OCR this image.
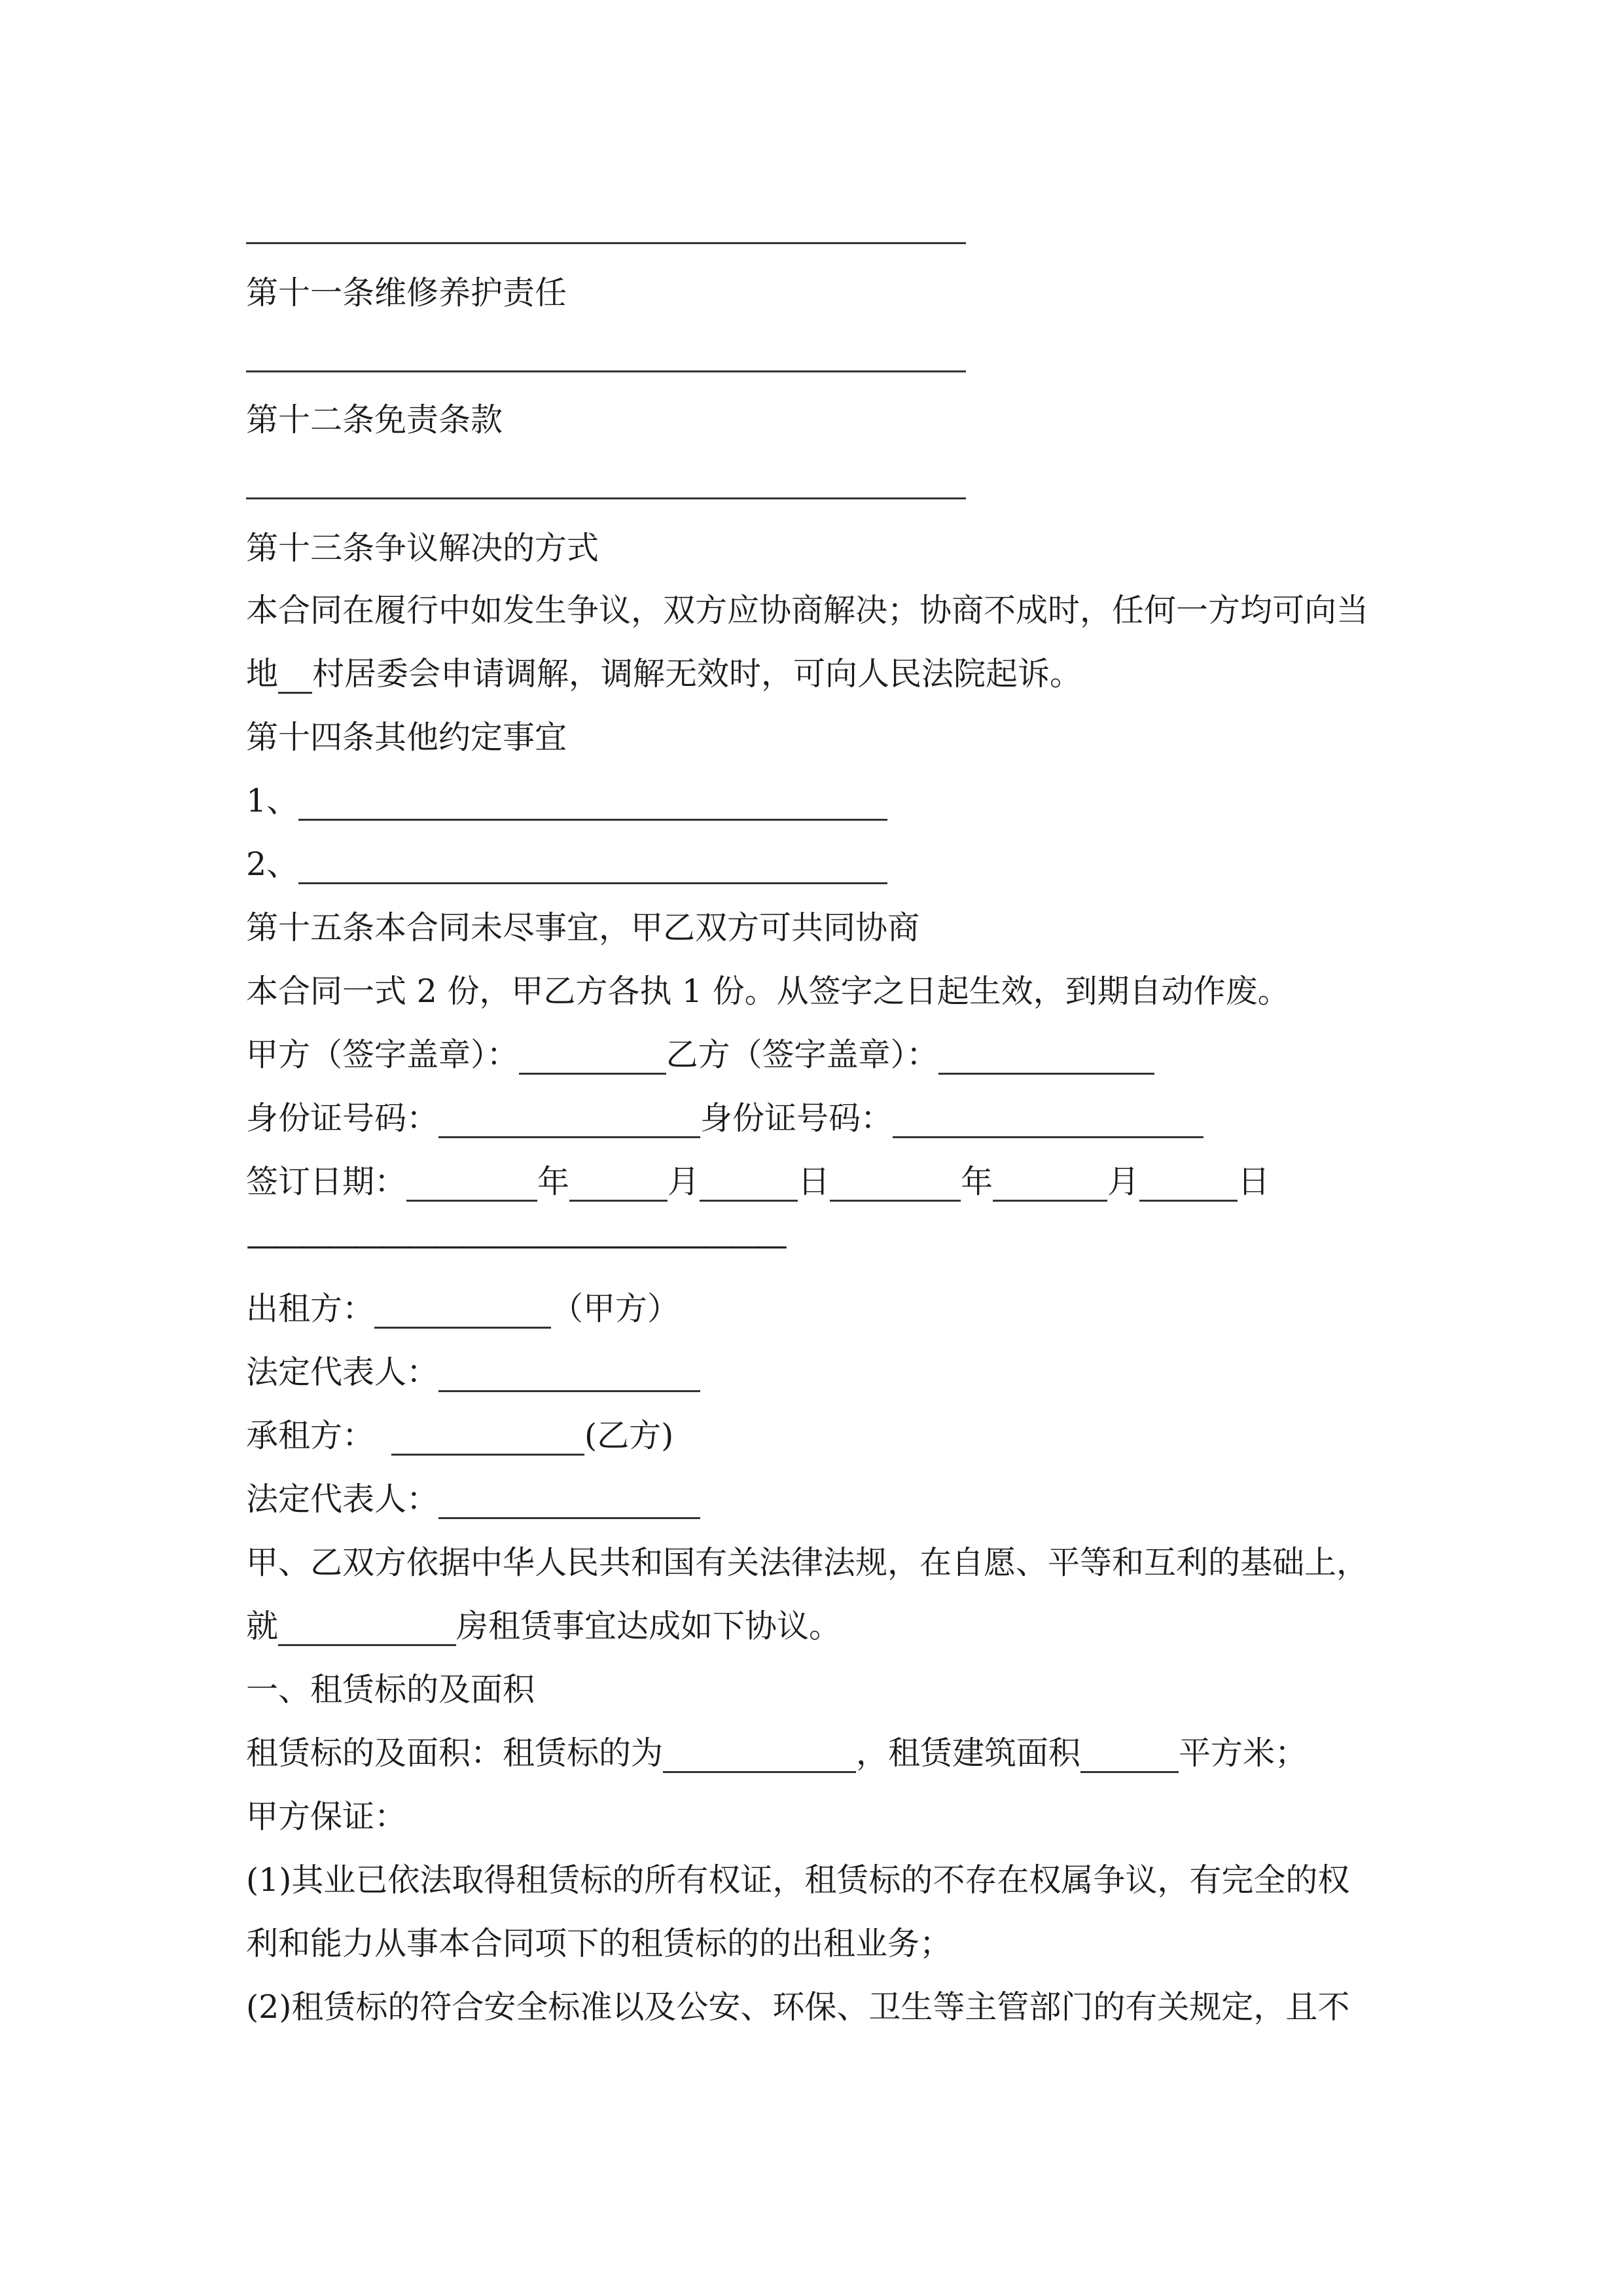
第十一条维修养护责任
第十二条免责条款
第十三条争议解决的方式
本合同在履行中如发生争议，双方应协商解决；协商不成时，任何一方均可向当
地 村居委会申请调解，调解无效时，可向人民法院起诉。
第十四条其他约定事宜
1、
2、
第十五条本合同未尽事宜，甲乙双方可共同协商
本合同一式 2 份，甲乙方各执 1 份。从签字之日起生效，到期自动作废。
甲方（签字盖章）：	乙方（签字盖章）：
身份证号码：	身份证号码：
签订日期：	年	月	日	年	月	日
————————————————————
出租方：	（甲方）
法定代表人：
承租方：	(乙方)
法定代表人：
甲、乙双方依据中华人民共和国有关法律法规，在自愿、平等和互利的基础上，
就	房租赁事宜达成如下协议。
一、租赁标的及面积
租赁标的及面积：租赁标的为	，租赁建筑面积	平方米；
甲方保证：
(1)其业已依法取得租赁标的所有权证，租赁标的不存在权属争议，有完全的权
利和能力从事本合同项下的租赁标的的出租业务；
(2)租赁标的符合安全标准以及公安、环保、卫生等主管部门的有关规定，且不
